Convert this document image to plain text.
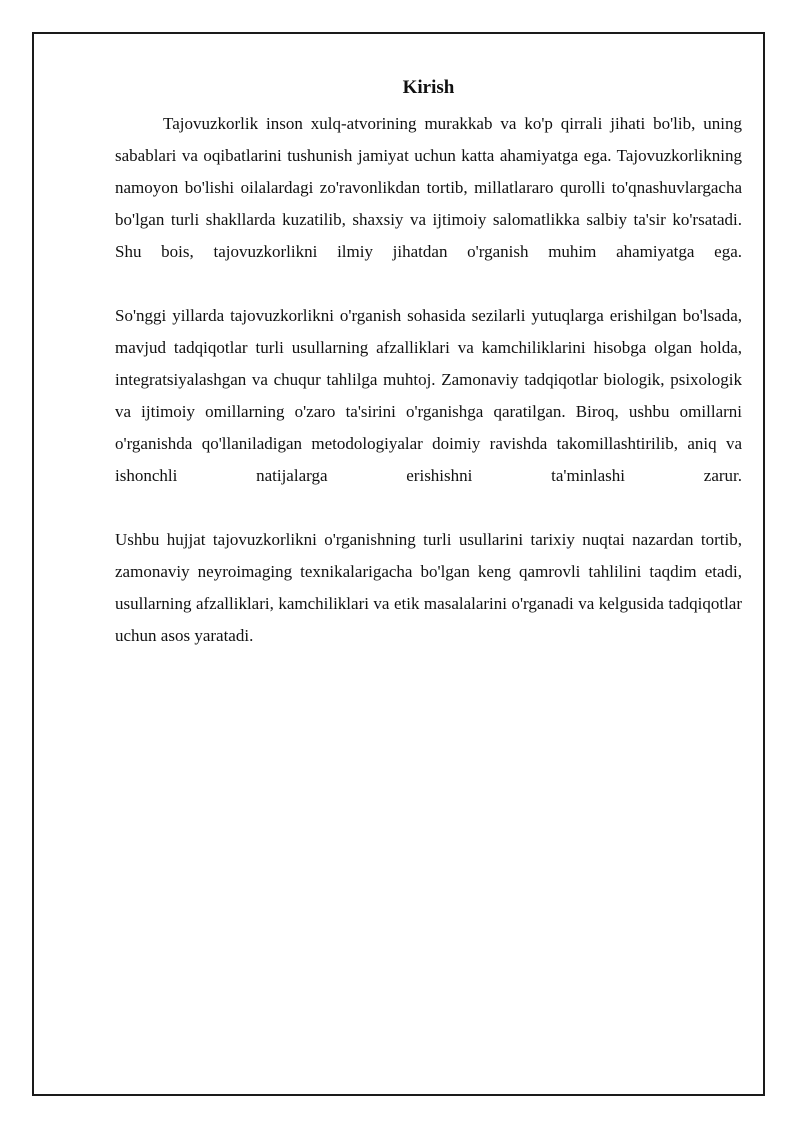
Kirish

Tajovuzkorlik inson xulq-atvorining murakkab va ko'p qirrali jihati bo'lib, uning sabablari va oqibatlarini tushunish jamiyat uchun katta ahamiyatga ega. Tajovuzkorlikning namoyon bo'lishi oilalardagi zo'ravonlikdan tortib, millatlararo qurolli to'qnashuvlargacha bo'lgan turli shakllarda kuzatilib, shaxsiy va ijtimoiy salomatlikka salbiy ta'sir ko'rsatadi. Shu bois, tajovuzkorlikni ilmiy jihatdan o'rganish muhim ahamiyatga ega.

So'nggi yillarda tajovuzkorlikni o'rganish sohasida sezilarli yutuqlarga erishilgan bo'lsada, mavjud tadqiqotlar turli usullarning afzalliklari va kamchiliklarini hisobga olgan holda, integratsiyalashgan va chuqur tahlilga muhtoj. Zamonaviy tadqiqotlar biologik, psixologik va ijtimoiy omillarning o'zaro ta'sirini o'rganishga qaratilgan. Biroq, ushbu omillarni o'rganishda qo'llaniladigan metodologiyalar doimiy ravishda takomillashtirilib, aniq va ishonchli natijalarga erishishni ta'minlashi zarur.

Ushbu hujjat tajovuzkorlikni o'rganishning turli usullarini tarixiy nuqtai nazardan tortib, zamonaviy neyroimaging texnikalarigacha bo'lgan keng qamrovli tahlilini taqdim etadi, usullarning afzalliklari, kamchiliklari va etik masalalarini o'rganadi va kelgusida tadqiqotlar uchun asos yaratadi.
